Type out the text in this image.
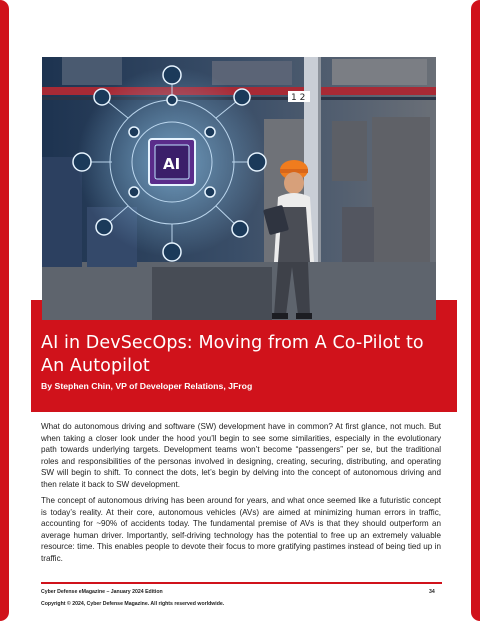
1 2
AI
AI in DevSecOps: Moving from A Co-Pilot to An Autopilot
By Stephen Chin, VP of Developer Relations, JFrog

What do autonomous driving and software (SW) development have in common? At first glance, not much. But when taking a closer look under the hood you’ll begin to see some similarities, especially in the evolutionary path towards underlying targets. Development teams won’t become “passengers” per se, but the traditional roles and responsibilities of the personas involved in designing, creating, securing, distributing, and operating SW will begin to shift. To connect the dots, let’s begin by delving into the concept of autonomous driving and then relate it back to SW development.

The concept of autonomous driving has been around for years, and what once seemed like a futuristic concept is today’s reality. At their core, autonomous vehicles (AVs) are aimed at minimizing human errors in traffic, accounting for ~90% of accidents today. The fundamental premise of AVs is that they should outperform an average human driver. Importantly, self-driving technology has the potential to free up an extremely valuable resource: time. This enables people to devote their focus to more gratifying pastimes instead of being tied up in traffic.

Cyber Defense eMagazine – January 2024 Edition	34
Copyright © 2024, Cyber Defense Magazine. All rights reserved worldwide.
